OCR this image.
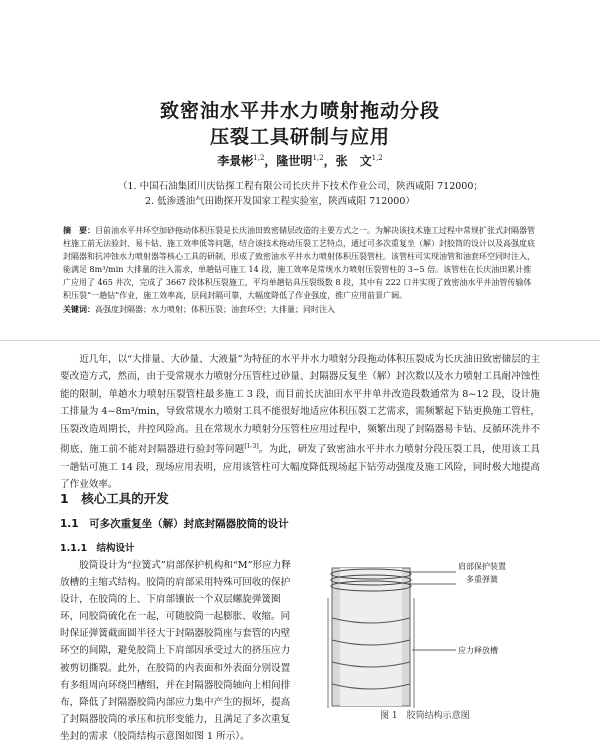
致密油水平井水力喷射拖动分段
压裂工具研制与应用
李景彬$^{1,2}$，隆世明$^{1,2}$，张　文$^{1,2}$
（1. 中国石油集团川庆钻探工程有限公司长庆井下技术作业公司，陕西咸阳 712000；
2. 低渗透油气田勘探开发国家工程实验室，陕西咸阳 712000）
摘　要：目前油水平井环空加砂拖动体积压裂是长庆油田致密储层改造的主要方式之一。为解决该技术施工过程中常规扩张式封隔器管柱施工前无法验封、易卡钻、施工效率低等问题，结合该技术拖动压裂工艺特点，通过可多次重复坐（解）封胶筒的设计以及高强度底封隔器和抗冲蚀水力喷射器等核心工具的研制，形成了致密油水平井水力喷射体积压裂管柱。该管柱可实现油管和油套环空同时注入，能满足 8m³/min 大排量的注入需求，单趟钻可施工 14 段，施工效率是常规水力喷射压裂管柱的 3~5 倍。该管柱在长庆油田累计推广应用了 465 井次，完成了 3667 段体积压裂施工，平均单趟钻具压裂级数 8 段，其中有 222 口井实现了致密油水平井油管传输体积压裂“一趟钻”作业，施工效率高，层间封隔可靠，大幅度降低了作业强度，推广应用前景广阔。
关键词：高强度封隔器；水力喷射；体积压裂；油套环空；大排量；同时注入

近几年，以“大排量、大砂量、大液量”为特征的水平井水力喷射分段拖动体积压裂成为长庆油田致密储层的主要改造方式，然而，由于受常规水力喷射分压管柱过砂量、封隔器反复坐（解）封次数以及水力喷射工具耐冲蚀性能的限制，单趟水力喷射压裂管柱最多施工 3 段，而目前长庆油田水平井单井改造段数通常为 8~12 段，设计施工排量为 4~8m³/min，导致常规水力喷射工具不能很好地适应体积压裂工艺需求，需频繁起下钻更换施工管柱，压裂改造周期长，井控风险高。且在常规水力喷射分压管柱应用过程中，频繁出现了封隔器易卡钻、反循环洗井不彻底、施工前不能对封隔器进行验封等问题[1-3]。为此，研发了致密油水平井水力喷射分段压裂工具，使用该工具一趟钻可施工 14 段，现场应用表明，应用该管柱可大幅度降低现场起下钻劳动强度及施工风险，同时极大地提高了作业效率。

1　核心工具的开发
1.1　可多次重复坐（解）封底封隔器胶筒的设计
1.1.1　结构设计

胶筒设计为“拉簧式”肩部保护机构和“M”形应力释放槽的主缩式结构。胶筒的肩部采用特殊可回收的保护设计，在胶筒的上、下肩部镶嵌一个双层螺旋弹簧圈环，同胶筒硫化在一起，可随胶筒一起膨胀、收缩。同时保证弹簧截面圆半径大于封隔器胶筒座与套管的内壁环空的间隙，避免胶筒上下肩部因承受过大的挤压应力被剪切撕裂。此外，在胶筒的内表面和外表面分别设置有多组周向环绕凹槽组，并在封隔器胶筒轴向上相间排布，降低了封隔器胶筒内部应力集中产生的损坏，提高了封隔器胶筒的承压和抗形变能力，且满足了多次重复坐封的需求（胶筒结构示意图如图 1 所示）。

肩部保护装置
多重弹簧
应力释放槽
图 1　胶筒结构示意图
